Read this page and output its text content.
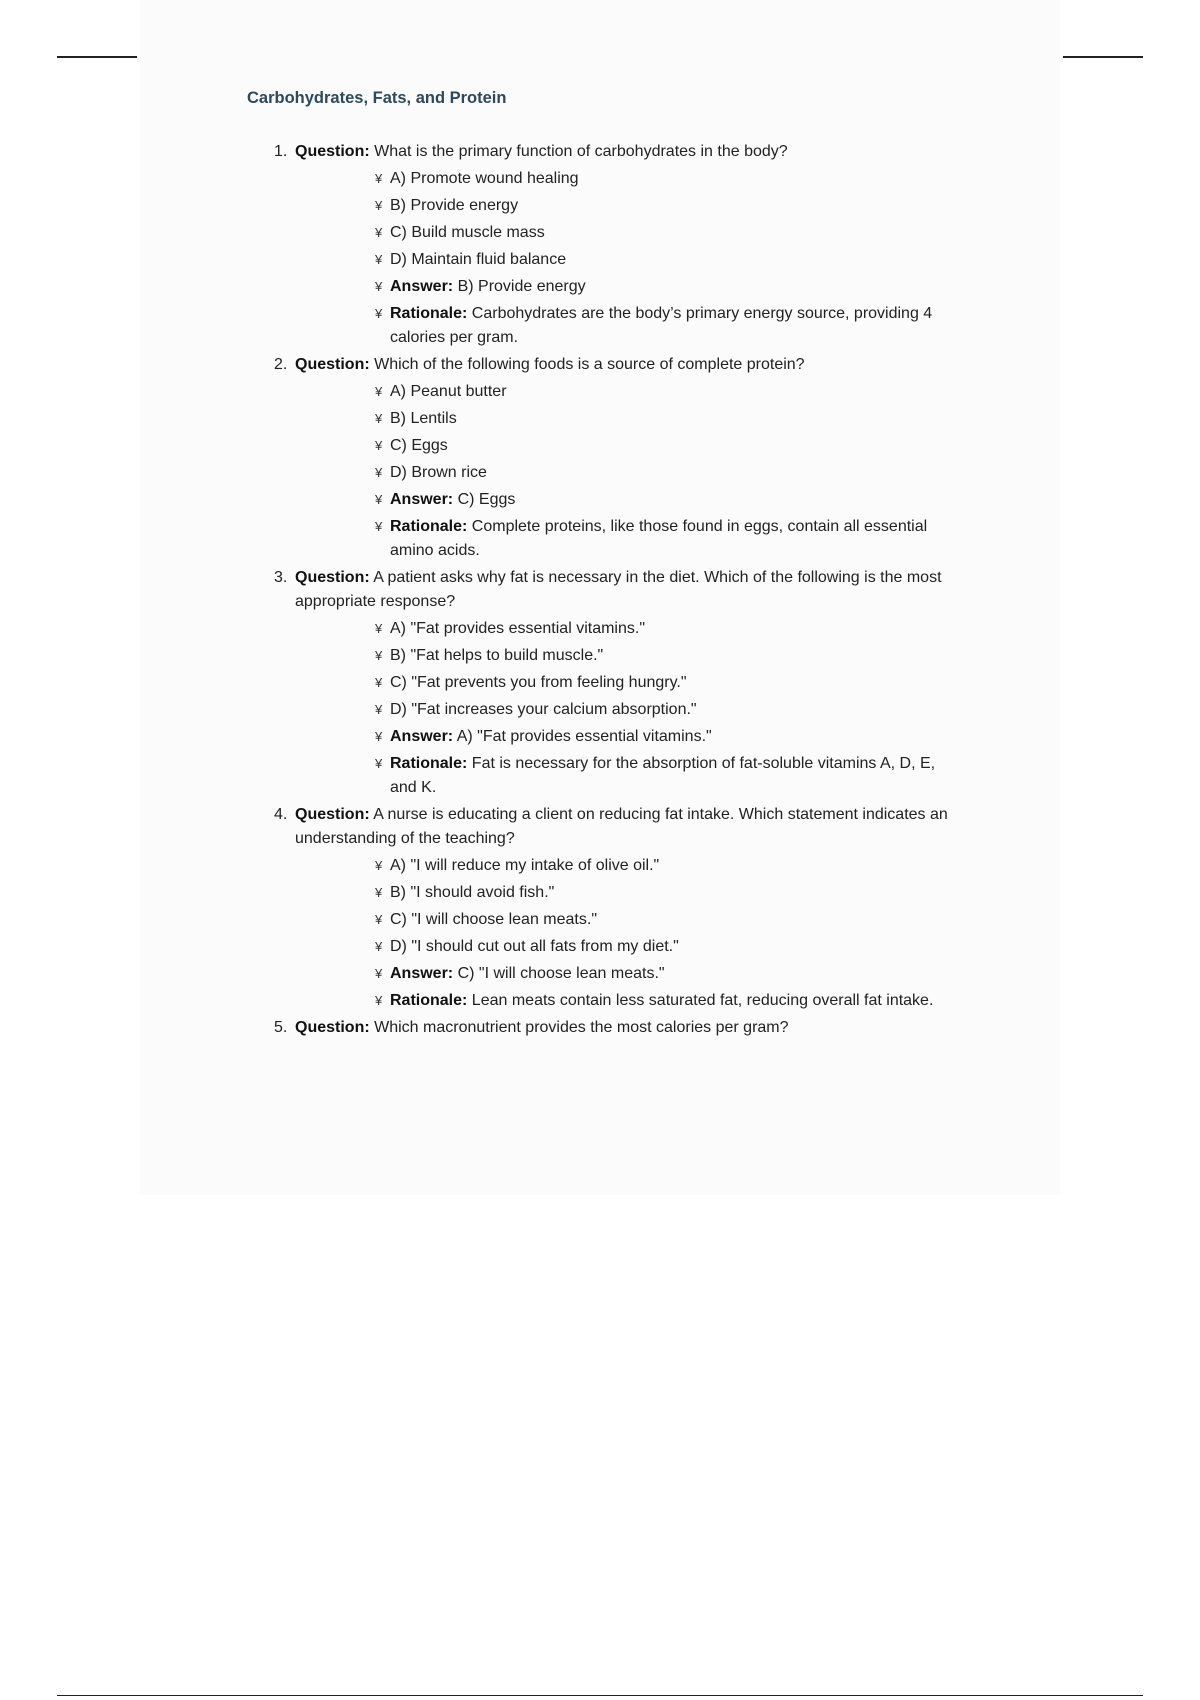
Carbohydrates, Fats, and Protein
1. Question: What is the primary function of carbohydrates in the body?

¥ A) Promote wound healing
¥ B) Provide energy
¥ C) Build muscle mass
¥ D) Maintain fluid balance
¥ Answer: B) Provide energy
¥ Rationale: Carbohydrates are the body’s primary energy source, providing 4 calories per gram.
2. Question: Which of the following foods is a source of complete protein?

¥ A) Peanut butter
¥ B) Lentils
¥ C) Eggs
¥ D) Brown rice
¥ Answer: C) Eggs
¥ Rationale: Complete proteins, like those found in eggs, contain all essential amino acids.
3. Question: A patient asks why fat is necessary in the diet. Which of the following is the most appropriate response?

¥ A) "Fat provides essential vitamins."
¥ B) "Fat helps to build muscle."
¥ C) "Fat prevents you from feeling hungry."
¥ D) "Fat increases your calcium absorption."
¥ Answer: A) "Fat provides essential vitamins."
¥ Rationale: Fat is necessary for the absorption of fat-soluble vitamins A, D, E, and K.
4. Question: A nurse is educating a client on reducing fat intake. Which statement indicates an understanding of the teaching?

¥ A) "I will reduce my intake of olive oil."
¥ B) "I should avoid fish."
¥ C) "I will choose lean meats."
¥ D) "I should cut out all fats from my diet."
¥ Answer: C) "I will choose lean meats."
¥ Rationale: Lean meats contain less saturated fat, reducing overall fat intake.
5. Question: Which macronutrient provides the most calories per gram?
